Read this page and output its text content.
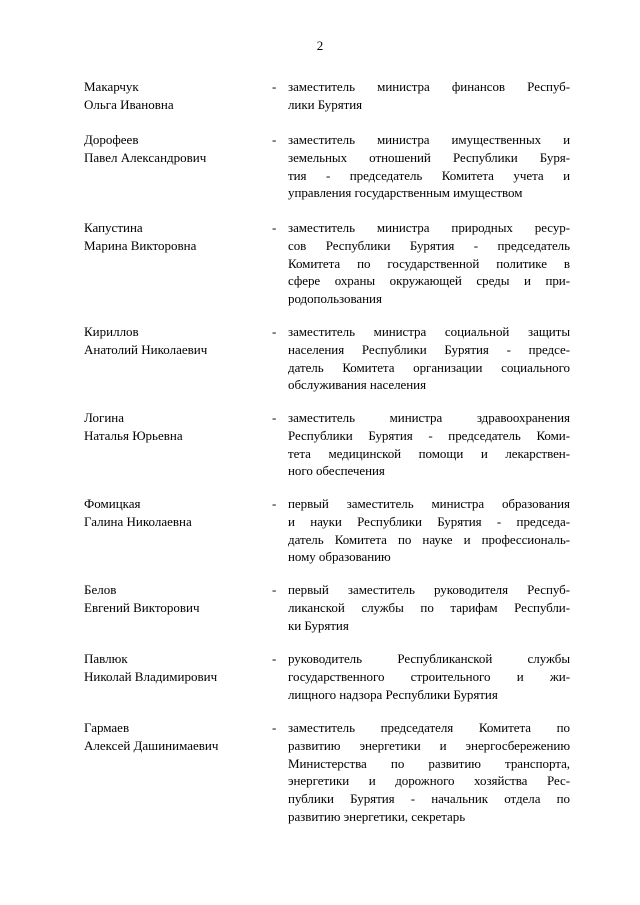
2
Макарчук
Ольга Ивановна
- заместитель министра финансов Респуб-
лики Бурятия
Дорофеев
Павел Александрович
- заместитель министра имущественных и
земельных отношений Республики Буря-
тия - председатель Комитета учета и
управления государственным имуществом
Капустина
Марина Викторовна
- заместитель министра природных ресур-
сов Республики Бурятия - председатель
Комитета по государственной политике в
сфере охраны окружающей среды и при-
родопользования
Кириллов
Анатолий Николаевич
- заместитель министра социальной защиты
населения Республики Бурятия - предсе-
датель Комитета организации социального
обслуживания населения
Логина
Наталья Юрьевна
- заместитель министра здравоохранения
Республики Бурятия - председатель Коми-
тета медицинской помощи и лекарствен-
ного обеспечения
Фомицкая
Галина Николаевна
- первый заместитель министра образования
и науки Республики Бурятия - председа-
датель Комитета по науке и профессиональ-
ному образованию
Белов
Евгений Викторович
- первый заместитель руководителя Респуб-
ликанской службы по тарифам Республи-
ки Бурятия
Павлюк
Николай Владимирович
- руководитель Республиканской службы
государственного строительного и жи-
лищного надзора Республики Бурятия
Гармаев
Алексей Дашинимаевич
- заместитель председателя Комитета по
развитию энергетики и энергосбережению
Министерства по развитию транспорта,
энергетики и дорожного хозяйства Рес-
публики Бурятия - начальник отдела по
развитию энергетики, секретарь
